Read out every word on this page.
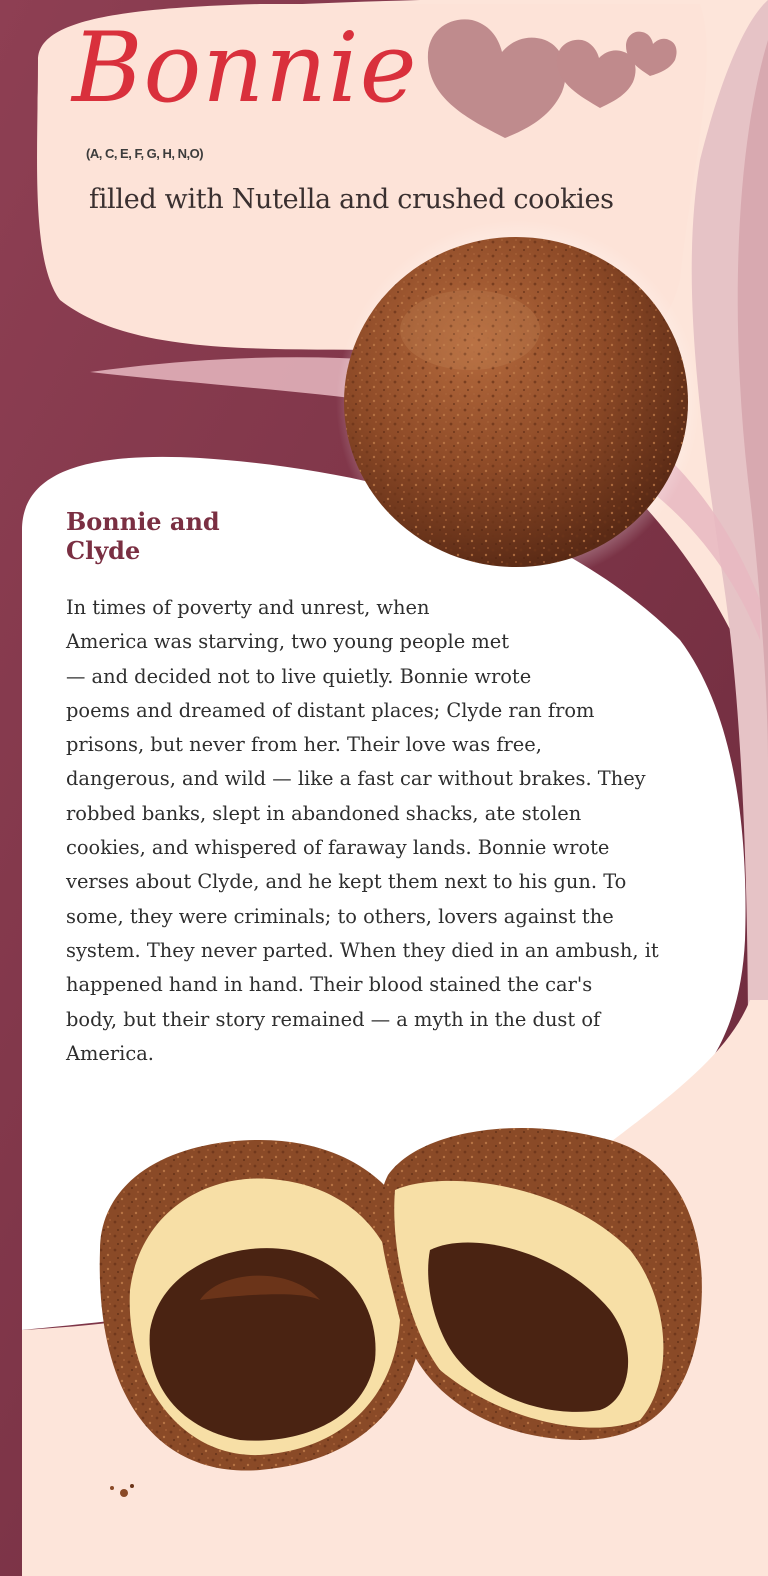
Bonnie
(A, C, E, F, G, H, N,O)
filled with Nutella and crushed cookies
Bonnie and
Clyde

In times of poverty and unrest, when
America was starving, two young people met
— and decided not to live quietly. Bonnie wrote
poems and dreamed of distant places; Clyde ran from
prisons, but never from her. Their love was free,
dangerous, and wild — like a fast car without brakes. They
robbed banks, slept in abandoned shacks, ate stolen
cookies, and whispered of faraway lands. Bonnie wrote
verses about Clyde, and he kept them next to his gun. To
some, they were criminals; to others, lovers against the
system. They never parted. When they died in an ambush, it
happened hand in hand. Their blood stained the car's
body, but their story remained — a myth in the dust of
America.
